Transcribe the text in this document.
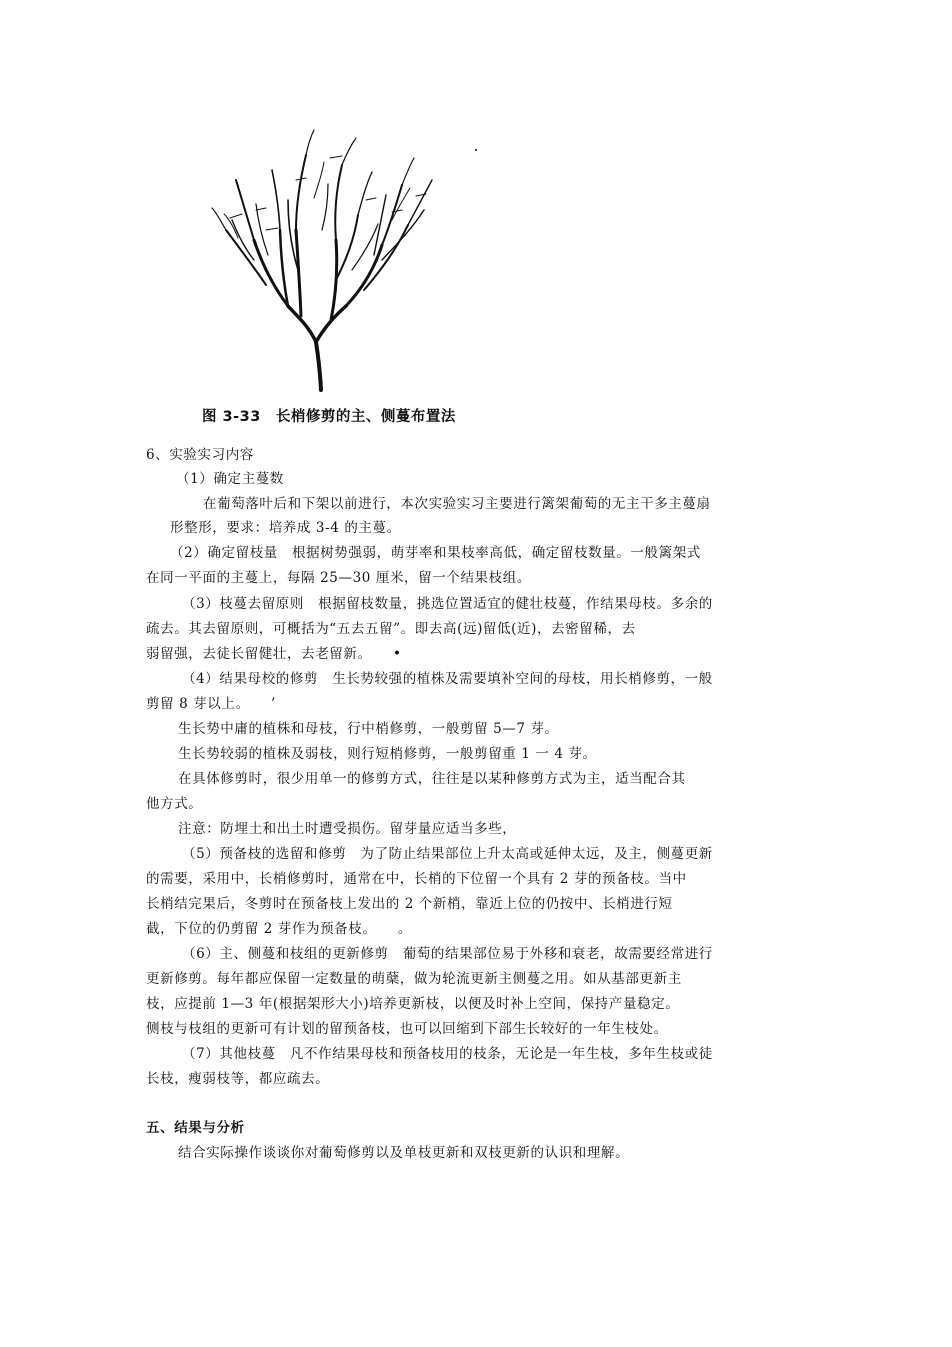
图 3-33　长梢修剪的主、侧蔓布置法
6、实验实习内容
（1）确定主蔓数
在葡萄落叶后和下架以前进行，本次实验实习主要进行篱架葡萄的无主干多主蔓扇
形整形，要求：培养成 3-4 的主蔓。
（2）确定留枝量　根据树势强弱，萌芽率和果枝率高低，确定留枝数量。一般篱架式
在同一平面的主蔓上，每隔 25—30 厘米，留一个结果枝组。
（3）枝蔓去留原则　根据留枝数量，挑选位置适宜的健壮枝蔓，作结果母枝。多余的
疏去。其去留原则，可概括为“五去五留”。即去高(远)留低(近)，去密留稀，去
弱留强，去徒长留健壮，去老留新。　　•
（4）结果母校的修剪　生长势较强的植株及需要填补空间的母枝，用长梢修剪，一般
剪留 8 芽以上。　　’
生长势中庸的植株和母枝，行中梢修剪，一般剪留 5—7 芽。
生长势较弱的植株及弱枝，则行短梢修剪，一般剪留重 1 一 4 芽。
在具体修剪时，很少用单一的修剪方式，往往是以某种修剪方式为主，适当配合其
他方式。
注意：防埋土和出土时遭受损伤。留芽量应适当多些，
（5）预备枝的选留和修剪　为了防止结果部位上升太高或延伸太远，及主，侧蔓更新
的需要，采用中，长梢修剪时，通常在中，长梢的下位留一个具有 2 芽的预备枝。当中
长梢结完果后，冬剪时在预备枝上发出的 2 个新梢，靠近上位的仍按中、长梢进行短
截，下位的仍剪留 2 芽作为预备枝。　　。
（6）主、侧蔓和枝组的更新修剪　葡萄的结果部位易于外移和衰老，故需要经常进行
更新修剪。每年都应保留一定数量的萌蘖，做为轮流更新主侧蔓之用。如从基部更新主
枝，应提前 1—3 年(根据架形大小)培养更新枝，以便及时补上空间，保持产量稳定。
侧枝与枝组的更新可有计划的留预备枝，也可以回缩到下部生长较好的一年生枝处。
（7）其他枝蔓　凡不作结果母枝和预备枝用的枝条，无论是一年生枝，多年生枝或徒
长枝，瘦弱枝等，都应疏去。
五、结果与分析
结合实际操作谈谈你对葡萄修剪以及单枝更新和双枝更新的认识和理解。
